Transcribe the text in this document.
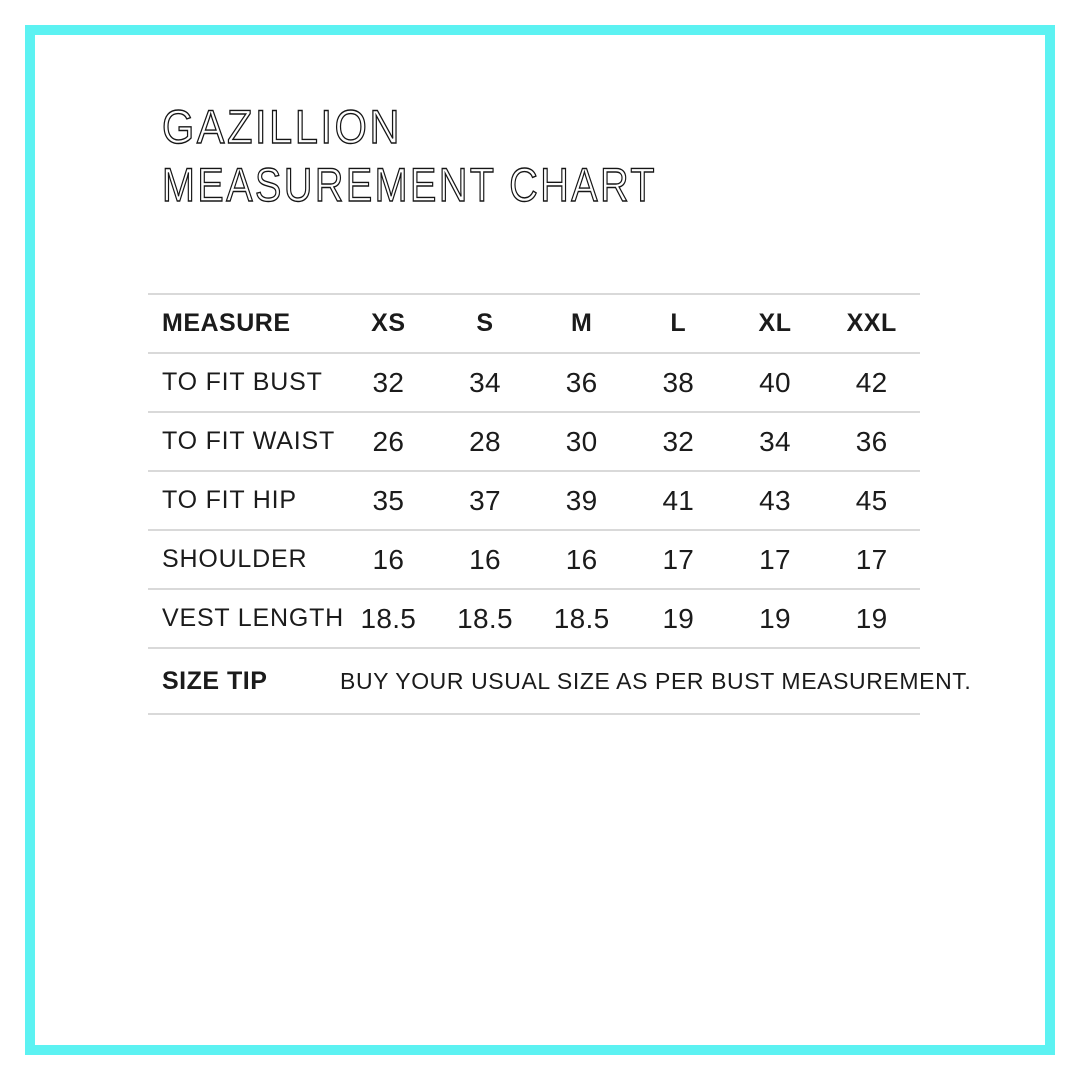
GAZILLION
MEASUREMENT CHART
MEASURE	XS	S	M	L	XL	XXL
TO FIT BUST	32	34	36	38	40	42
TO FIT WAIST	26	28	30	32	34	36
TO FIT HIP	35	37	39	41	43	45
SHOULDER	16	16	16	17	17	17
VEST LENGTH 18.5	18.5	18.5	19	19	19
SIZE TIP	BUY YOUR USUAL SIZE AS PER BUST MEASUREMENT.
